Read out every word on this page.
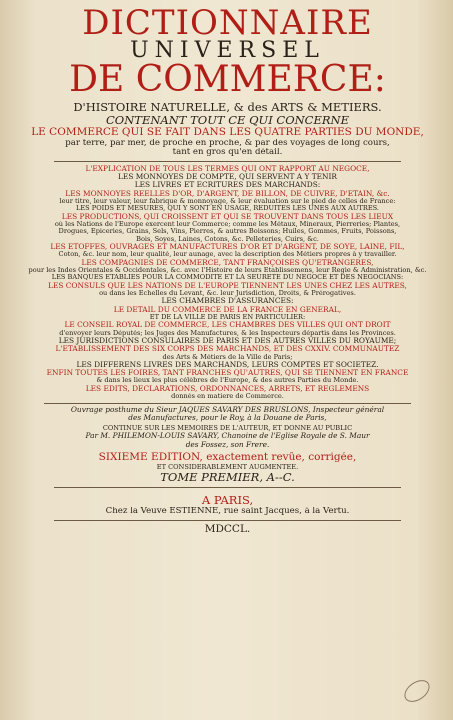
DICTIONNAIRE
UNIVERSEL
DE COMMERCE:
D'HISTOIRE NATURELLE, & des ARTS & METIERS.
CONTENANT TOUT CE QUI CONCERNE
LE COMMERCE QUI SE FAIT DANS LES QUATRE PARTIES DU MONDE,
par terre, par mer, de proche en proche, & par des voyages de long cours,
tant en gros qu'en détail.
L'EXPLICATION DE TOUS LES TERMES QUI ONT RAPPORT AU NEGOCE,
LES MONNOYES DE COMPTE, QUI SERVENT A Y TENIR
LES LIVRES ET ECRITURES DES MARCHANDS:
LES MONNOYES REELLES D'OR, D'ARGENT, DE BILLON, DE CUIVRE, D'ETAIN, &c.
leur titre, leur valeur, leur fabrique & monnoyage, & leur évaluation sur le pied de celles de France:
LES POIDS ET MESURES, QUI Y SONT EN USAGE, REDUITES LES UNES AUX AUTRES.
LES PRODUCTIONS, QUI CROISSENT ET QUI SE TROUVENT DANS TOUS LES LIEUX
où les Nations de l'Europe exercent leur Commerce; comme les Métaux, Mineraux, Pierreries; Plantes,
Drogues, Epiceries, Grains, Sels, Vins, Pierres, & autres Boissons; Huiles, Gommes, Fruits, Poissons,
Bois, Soyes, Laines, Cotons, &c. Pelleteries, Cuirs, &c.
LES ETOFFES, OUVRAGES ET MANUFACTURES D'OR ET D'ARGENT, DE SOYE, LAINE, FIL,
Coton, &c. leur nom, leur qualité, leur aunage, avec la description des Métiers propres à y travailler.
LES COMPAGNIES DE COMMERCE, TANT FRANÇOISES QU'ETRANGERES,
pour les Indes Orientales & Occidentales, &c. avec l'Histoire de leurs Etablissemens, leur Regie & Administration, &c.
LES BANQUES ETABLIES POUR LA COMMODITÉ ET LA SEURETÉ DU NEGOCE ET DES NEGOCIANS:
LES CONSULS QUE LES NATIONS DE L'EUROPE TIENNENT LES UNES CHEZ LES AUTRES,
ou dans les Echelles du Levant, &c. leur Jurisdiction, Droits, & Prérogatives.
LES CHAMBRES D'ASSURANCES:
LE DETAIL DU COMMERCE DE LA FRANCE EN GENERAL,
ET DE LA VILLE DE PARIS EN PARTICULIER:
LE CONSEIL ROYAL DE COMMERCE, LES CHAMBRES DES VILLES QUI ONT DROIT
d'envoyer leurs Députés; les Juges des Manufactures, & les Inspecteurs départis dans les Provinces.
LES JURISDICTIONS CONSULAIRES DE PARIS ET DES AUTRES VILLES DU ROYAUME;
L'ETABLISSEMENT DES SIX CORPS DES MARCHANDS, ET DES CXXIV. COMMUNAUTEZ
des Arts & Métiers de la Ville de Paris;
LES DIFFERENS LIVRES DES MARCHANDS, LEURS COMPTES ET SOCIETEZ.
ENFIN TOUTES LES FOIRES, TANT FRANCHES QU'AUTRES, QUI SE TIENNENT EN FRANCE
& dans les lieux les plus célèbres de l'Europe, & des autres Parties du Monde.
LES EDITS, DECLARATIONS, ORDONNANCES, ARRETS, ET REGLEMENS
donnés en matiere de Commerce.
Ouvrage posthume du Sieur JAQUES SAVARY DES BRUSLONS, Inspecteur général
des Manufactures, pour le Roy, à la Douane de Paris,
CONTINUÉ SUR LES MEMOIRES DE L'AUTEUR, ET DONNÉ AU PUBLIC
Par M. PHILEMON-LOUIS SAVARY, Chanoine de l'Eglise Royale de S. Maur
des Fossez, son Frere.
SIXIEME EDITION, exactement revûe, corrigée,
ET CONSIDERABLEMENT AUGMENTÉE.
TOME PREMIER, A--C.
A PARIS,
Chez la Veuve ESTIENNE, rue saint Jacques, à la Vertu.
MDCCL.
